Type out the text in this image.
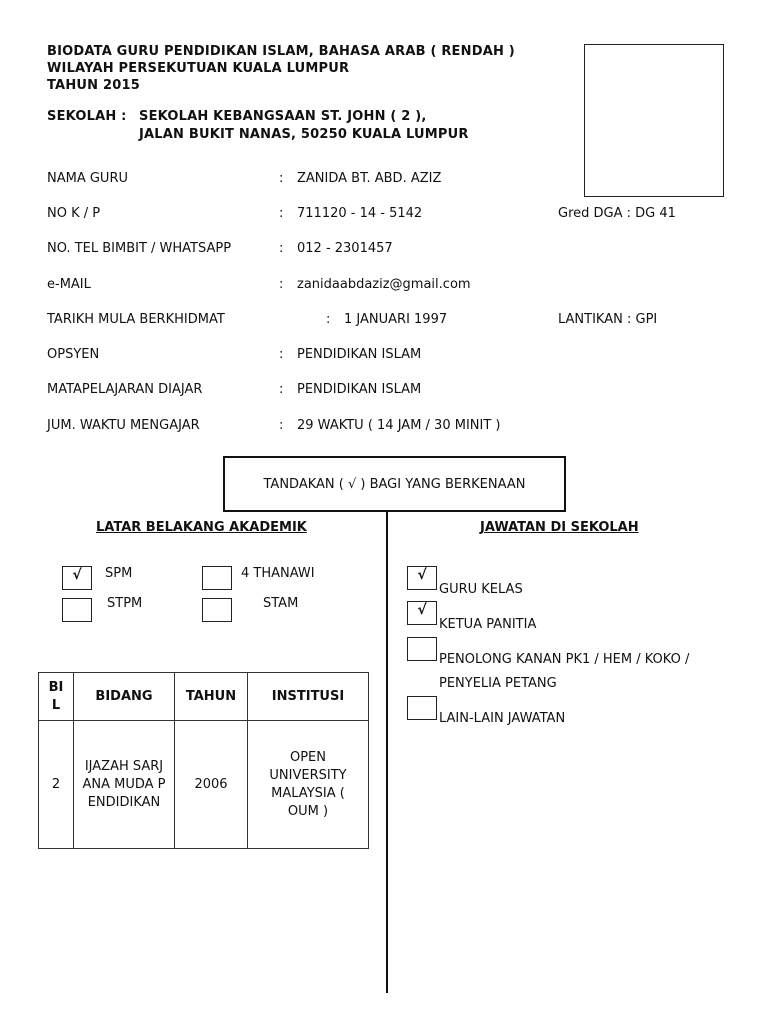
BIODATA GURU PENDIDIKAN ISLAM, BAHASA ARAB ( RENDAH )
WILAYAH PERSEKUTUAN KUALA LUMPUR
TAHUN 2015
SEKOLAH : SEKOLAH KEBANGSAAN ST. JOHN ( 2 ),
JALAN BUKIT NANAS, 50250 KUALA LUMPUR
NAMA GURU	: ZANIDA BT. ABD. AZIZ
NO K / P	: 711120 - 14 - 5142	Gred DGA : DG 41
NO. TEL BIMBIT / WHATSAPP	: 012 - 2301457
e-MAIL	: zanidaabdaziz@gmail.com
TARIKH MULA BERKHIDMAT	: 1 JANUARI 1997	LANTIKAN : GPI
OPSYEN	: PENDIDIKAN ISLAM
MATAPELAJARAN DIAJAR	: PENDIDIKAN ISLAM
JUM. WAKTU MENGAJAR	: 29 WAKTU ( 14 JAM / 30 MINIT )
TANDAKAN ( √ ) BAGI YANG BERKENAAN
LATAR BELAKANG AKADEMIK
√	SPM	4 THANAWI
STPM	STAM
BIL	BIDANG	TAHUN	INSTITUSI
2	IJAZAH SARJANA MUDA PENDIDIKAN	2006	OPEN UNIVERSITY MALAYSIA ( OUM )
JAWATAN DI SEKOLAH
√
GURU KELAS
√
KETUA PANITIA
PENOLONG KANAN PK1 / HEM / KOKO /
PENYELIA PETANG
LAIN-LAIN JAWATAN
